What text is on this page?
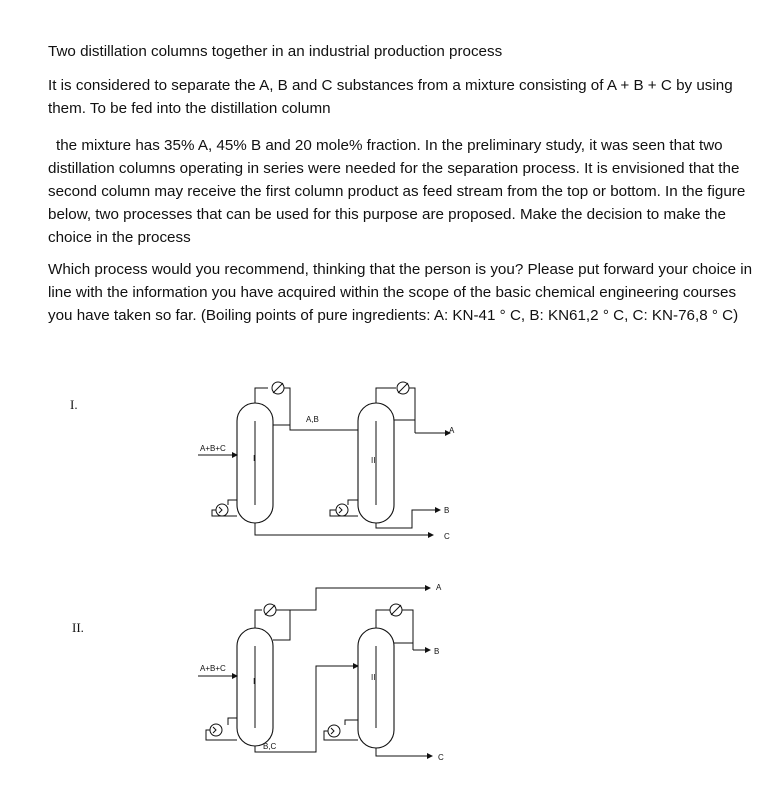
Two distillation columns together in an industrial production process

It is considered to separate the A, B and C substances from a mixture consisting of A + B + C by using them. To be fed into the distillation column

the mixture has 35% A, 45% B and 20 mole% fraction. In the preliminary study, it was seen that two distillation columns operating in series were needed for the separation process. It is envisioned that the second column may receive the first column product as feed stream from the top or bottom. In the figure below, two processes that can be used for this purpose are proposed. Make the decision to make the choice in the process

Which process would you recommend, thinking that the person is you? Please put forward your choice in line with the information you have acquired within the scope of the basic chemical engineering courses you have taken so far. (Boiling points of pure ingredients: A: KN-41 ° C, B: KN61,2 ° C, C: KN-76,8 ° C)

I.
II.
I
A+B+C
A,B
II
A
B
C
I
A
A+B+C
B,C
II
B
C
